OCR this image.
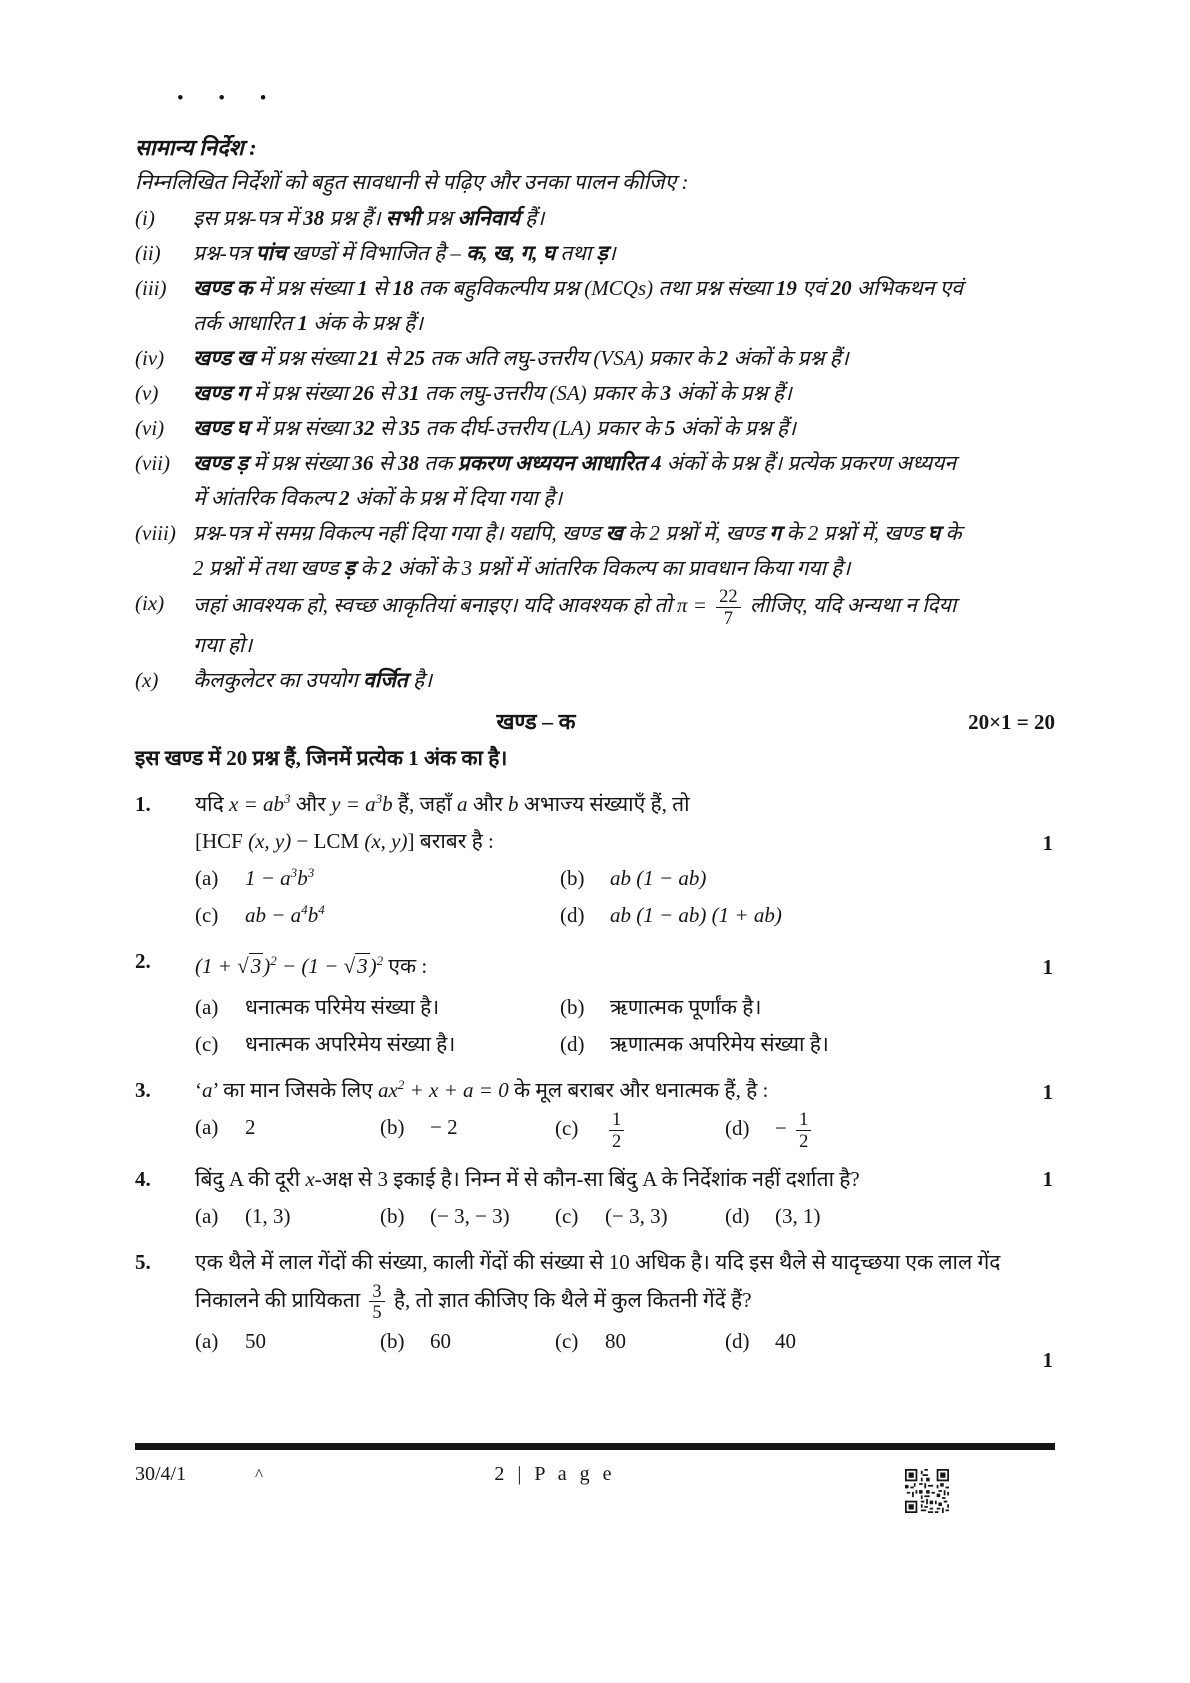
• • •
सामान्य निर्देश :
निम्नलिखित निर्देशों को बहुत सावधानी से पढ़िए और उनका पालन कीजिए :
(i)	इस प्रश्न-पत्र में 38 प्रश्न हैं। सभी प्रश्न अनिवार्य हैं।
(ii)	प्रश्न-पत्र पांच खण्डों में विभाजित है – क, ख, ग, घ तथा ड़।
(iii)	खण्ड क में प्रश्न संख्या 1 से 18 तक बहुविकल्पीय प्रश्न (MCQs) तथा प्रश्न संख्या 19 एवं 20 अभिकथन एवं तर्क आधारित 1 अंक के प्रश्न हैं।
(iv)	खण्ड ख में प्रश्न संख्या 21 से 25 तक अति लघु-उत्तरीय (VSA) प्रकार के 2 अंकों के प्रश्न हैं।
(v)	खण्ड ग में प्रश्न संख्या 26 से 31 तक लघु-उत्तरीय (SA) प्रकार के 3 अंकों के प्रश्न हैं।
(vi)	खण्ड घ में प्रश्न संख्या 32 से 35 तक दीर्घ-उत्तरीय (LA) प्रकार के 5 अंकों के प्रश्न हैं।
(vii)	खण्ड ड़ में प्रश्न संख्या 36 से 38 तक प्रकरण अध्ययन आधारित 4 अंकों के प्रश्न हैं। प्रत्येक प्रकरण अध्ययन में आंतरिक विकल्प 2 अंकों के प्रश्न में दिया गया है।
(viii) प्रश्न-पत्र में समग्र विकल्प नहीं दिया गया है। यद्यपि, खण्ड ख के 2 प्रश्नों में, खण्ड ग के 2 प्रश्नों में, खण्ड घ के 2 प्रश्नों में तथा खण्ड ड़ के 2 अंकों के 3 प्रश्नों में आंतरिक विकल्प का प्रावधान किया गया है।
(ix)	जहां आवश्यक हो, स्वच्छ आकृतियां बनाइए। यदि आवश्यक हो तो $\pi = \frac{22}{7}$ लीजिए, यदि अन्यथा न दिया गया हो।
(x)	कैलकुलेटर का उपयोग वर्जित है।
खण्ड – क	20×1 = 20
इस खण्ड में 20 प्रश्न हैं, जिनमें प्रत्येक 1 अंक का है।
1.
1
यदि $x = ab^3$ और $y = a^3b$ हैं, जहाँ a और b अभाज्य संख्याएँ हैं, तो
[HCF (x, y) − LCM (x, y)] बराबर है :
(a) $1 - a^3b^3$	(b) ab (1 − ab)
(c) ab − $a^4b^4$	(d) ab (1 − ab) (1 + ab)
2.	1
$(1 + √3)^2 - (1 - √3)^2$ एक :
(a) धनात्मक परिमेय संख्या है।	(b) ऋणात्मक पूर्णांक है।
(c) धनात्मक अपरिमेय संख्या है।	(d) ऋणात्मक अपरिमेय संख्या है।
3.	1
‘a’ का मान जिसके लिए $ax^2 + x + a = 0$ के मूल बराबर और धनात्मक हैं, है :
(a) 2	(b) − 2	$(c) \frac{1}{2}$	$(d) - \frac{1}{2}$
4.	1
बिंदु A की दूरी x-अक्ष से 3 इकाई है। निम्न में से कौन-सा बिंदु A के निर्देशांक नहीं दर्शाता है?
(a) (1, 3)	(b) (− 3, − 3)	(c) (− 3, 3)	(d) (3, 1)
5.
1
एक थैले में लाल गेंदों की संख्या, काली गेंदों की संख्या से 10 अधिक है। यदि इस थैले से यादृच्छया एक लाल गेंद निकालने की प्रायिकता $\frac{3}{5}$ है, तो ज्ञात कीजिए कि थैले में कुल कितनी गेंदें हैं?
(a) 50	(b) 60	(c) 80	(d) 40
30/4/1	^	2 | P a g e
